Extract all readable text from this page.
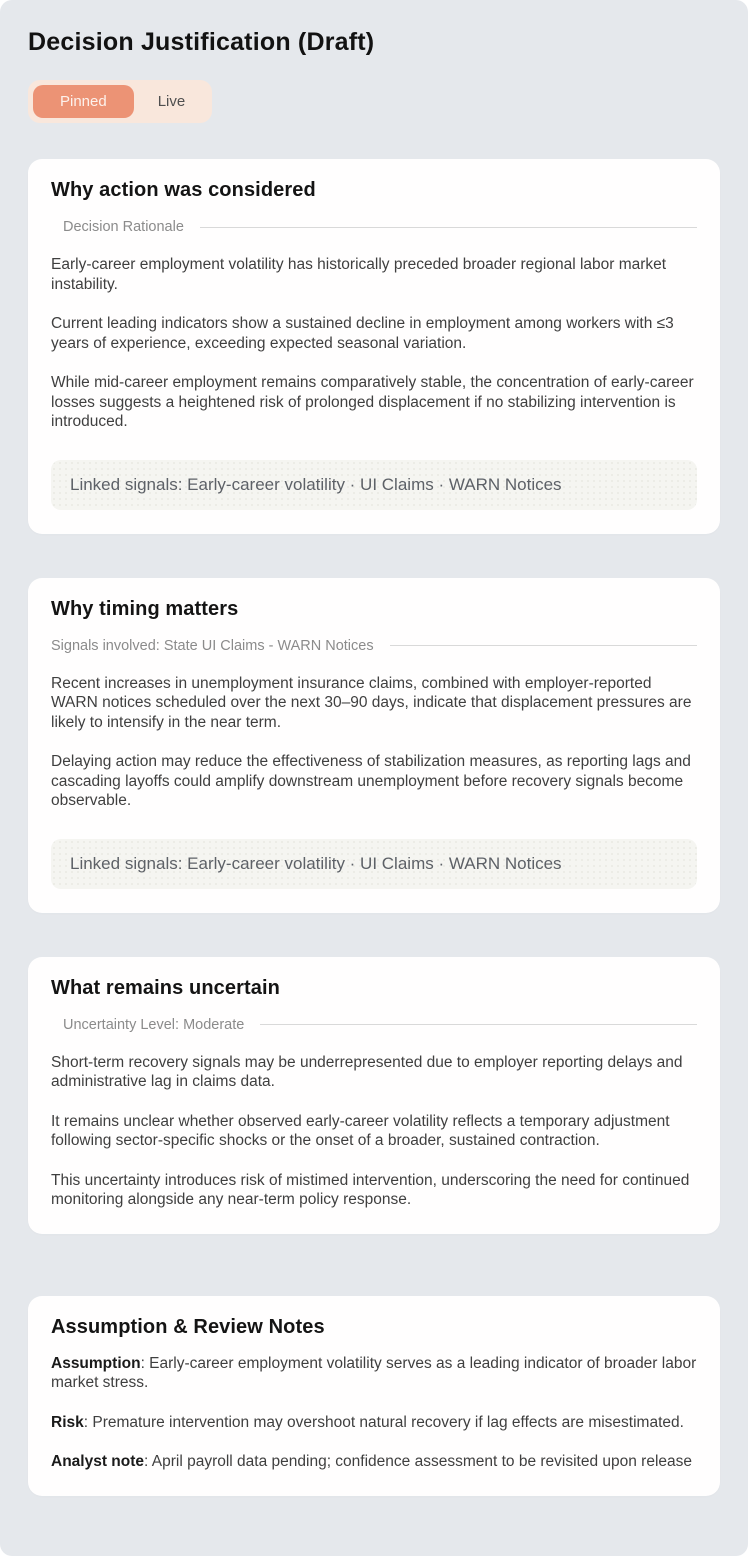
Decision Justification (Draft)
Pinned	Live
Why action was considered
Decision Rationale

Early-career employment volatility has historically preceded broader regional labor market instability.

Current leading indicators show a sustained decline in employment among workers with ≤3 years of experience, exceeding expected seasonal variation.

While mid-career employment remains comparatively stable, the concentration of early-career losses suggests a heightened risk of prolonged displacement if no stabilizing intervention is introduced.

Linked signals: Early-career volatility · UI Claims · WARN Notices
Why timing matters
Signals involved: State UI Claims - WARN Notices

Recent increases in unemployment insurance claims, combined with employer-reported WARN notices scheduled over the next 30–90 days, indicate that displacement pressures are likely to intensify in the near term.

Delaying action may reduce the effectiveness of stabilization measures, as reporting lags and cascading layoffs could amplify downstream unemployment before recovery signals become observable.

Linked signals: Early-career volatility · UI Claims · WARN Notices
What remains uncertain
Uncertainty Level: Moderate

Short-term recovery signals may be underrepresented due to employer reporting delays and administrative lag in claims data.

It remains unclear whether observed early-career volatility reflects a temporary adjustment following sector-specific shocks or the onset of a broader, sustained contraction.

This uncertainty introduces risk of mistimed intervention, underscoring the need for continued monitoring alongside any near-term policy response.

Assumption & Review Notes

Assumption: Early-career employment volatility serves as a leading indicator of broader labor market stress.

Risk: Premature intervention may overshoot natural recovery if lag effects are misestimated.

Analyst note: April payroll data pending; confidence assessment to be revisited upon release
